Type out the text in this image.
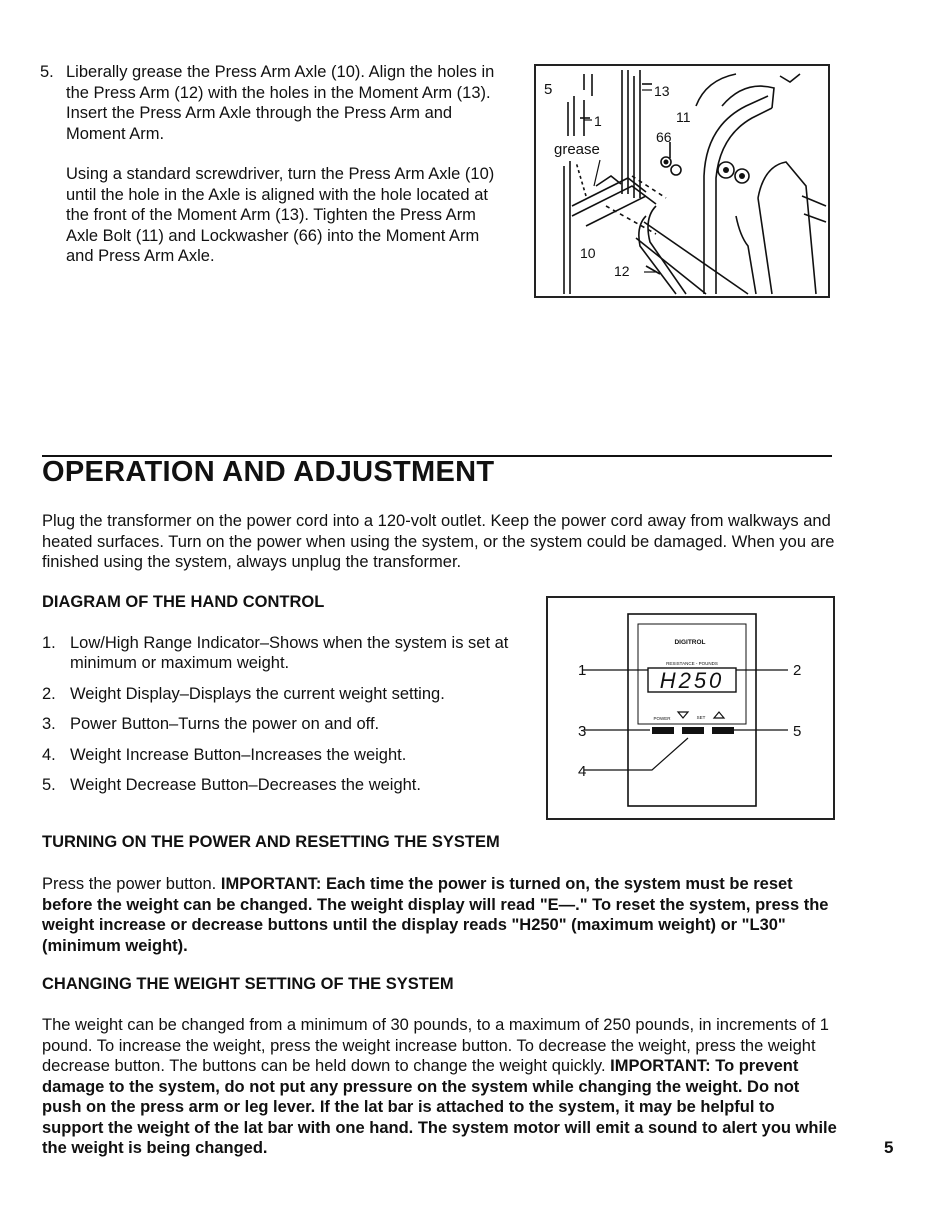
5. Liberally grease the Press Arm Axle (10). Align the holes in the Press Arm (12) with the holes in the Moment Arm (13). Insert the Press Arm Axle through the Press Arm and Moment Arm.
Using a standard screwdriver, turn the Press Arm Axle (10) until the hole in the Axle is aligned with the hole located at the front of the Moment Arm (13). Tighten the Press Arm Axle Bolt (11) and Lockwasher (66) into the Moment Arm and Press Arm Axle.
5	13
1	11
66
grease
10
12
OPERATION AND ADJUSTMENT
Plug the transformer on the power cord into a 120-volt outlet. Keep the power cord away from walkways and heated surfaces. Turn on the power when using the system, or the system could be damaged. When you are finished using the system, always unplug the transformer.
DIAGRAM OF THE HAND CONTROL
1. Low/High Range Indicator–Shows when the system is set at minimum or maximum weight.
2. Weight Display–Displays the current weight setting.
3. Power Button–Turns the power on and off.
4. Weight Increase Button–Increases the weight.
5. Weight Decrease Button–Decreases the weight.
DIGITROL
RESISTANCE - POUNDS
H250
POWER	SET
1	2
3
4
5
TURNING ON THE POWER AND RESETTING THE SYSTEM
Press the power button. IMPORTANT: Each time the power is turned on, the system must be reset before the weight can be changed. The weight display will read "E—." To reset the system, press the weight increase or decrease buttons until the display reads "H250" (maximum weight) or "L30" (minimum weight).
CHANGING THE WEIGHT SETTING OF THE SYSTEM
The weight can be changed from a minimum of 30 pounds, to a maximum of 250 pounds, in increments of 1 pound. To increase the weight, press the weight increase button. To decrease the weight, press the weight decrease button. The buttons can be held down to change the weight quickly. IMPORTANT: To prevent damage to the system, do not put any pressure on the system while changing the weight. Do not push on the press arm or leg lever. If the lat bar is attached to the system, it may be helpful to support the weight of the lat bar with one hand. The system motor will emit a sound to alert you while the weight is being changed.	5
